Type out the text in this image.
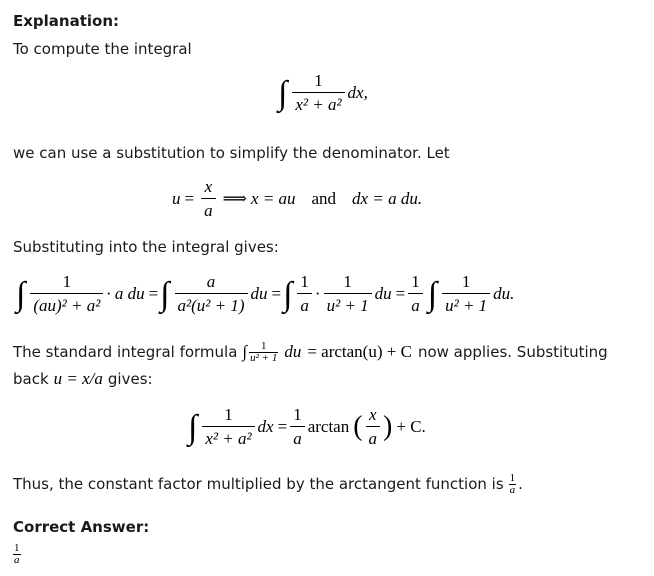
Explanation:

To compute the integral

∫ $\frac{1}{\text{x² + a²}}$ dx,

we can use a substitution to simplify the denominator. Let

$u = \frac{x}{a}$ ⟹ x = au and dx = a du.

Substituting into the integral gives:

∫ $\frac{1}{\text{(au)² + a²}} \cdot a$ du = ∫ $\frac{a}{\text{a²(u² + 1)}}$ du = ∫ $\frac{1}{a} \cdot \frac{1}{\text{u² + 1}}$ du = $\frac{1}{a}$ ∫ $\frac{1}{\text{u² + 1}}$ du.
The standard integral formula ∫ $\frac{1}{\text{u² + 1}}$ du = arctan(u) + C now applies. Substituting
back u = x/a gives:
∫ $\frac{1}{\text{x² + a²}}$ dx = $\frac{1}{a}$ arctan ( $\frac{x}{a}$ ) + C.
Thus, the constant factor multiplied by the arctangent function is $\frac{1}{a}$ .

Correct Answer:

$\frac{1}{a}$
